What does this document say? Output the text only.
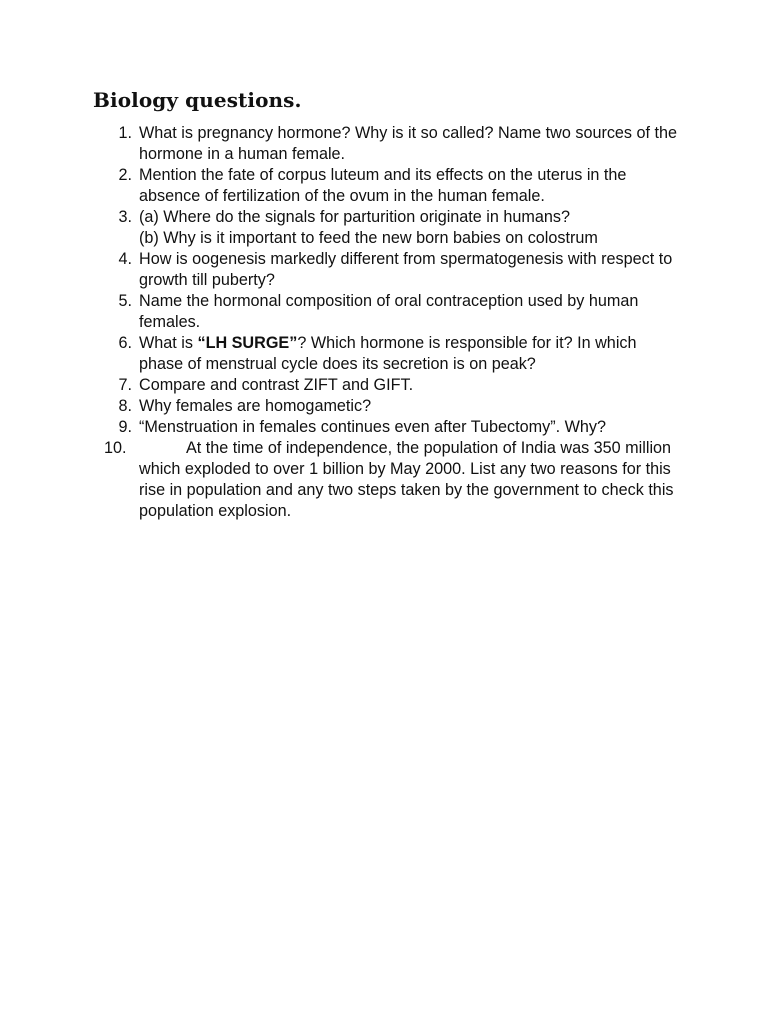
Biology questions.
1. What is pregnancy hormone? Why is it so called? Name two sources of the hormone in a human female.
2. Mention the fate of corpus luteum and its effects on the uterus in the absence of fertilization of the ovum in the human female.
3. (a) Where do the signals for parturition originate in humans?
(b) Why is it important to feed the new born babies on colostrum
4. How is oogenesis markedly different from spermatogenesis with respect to growth till puberty?
5. Name the hormonal composition of oral contraception used by human females.
6. What is “LH SURGE”? Which hormone is responsible for it? In which phase of menstrual cycle does its secretion is on peak?
7. Compare and contrast ZIFT and GIFT.
8. Why females are homogametic?
9. “Menstruation in females continues even after Tubectomy”. Why?
10.	At the time of independence, the population of India was 350 million which exploded to over 1 billion by May 2000. List any two reasons for this rise in population and any two steps taken by the government to check this population explosion.
